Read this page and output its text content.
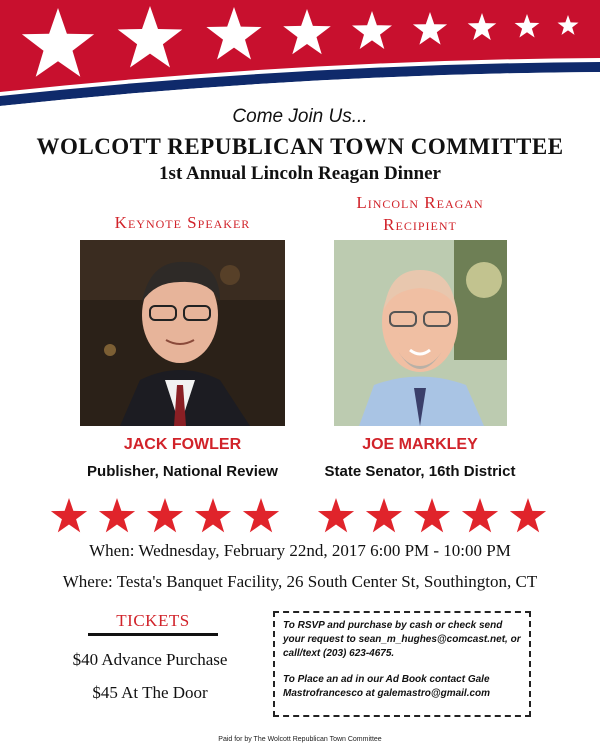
Come Join Us...
WOLCOTT REPUBLICAN TOWN COMMITTEE
1st Annual Lincoln Reagan Dinner
Keynote Speaker
Lincoln Reagan
Recipient
JACK FOWLER	JOE MARKLEY
Publisher, National Review	State Senator, 16th District
When: Wednesday, February 22nd, 2017 6:00 PM - 10:00 PM
Where: Testa's Banquet Facility, 26 South Center St, Southington, CT
TICKETS
$40 Advance Purchase
$45 At The Door

To RSVP and purchase by cash or check send your request to sean_m_hughes@comcast.net, or call/text (203) 623-4675.

To Place an ad in our Ad Book contact Gale Mastrofrancesco at galemastro@gmail.com

Paid for by The Wolcott Republican Town Committee
